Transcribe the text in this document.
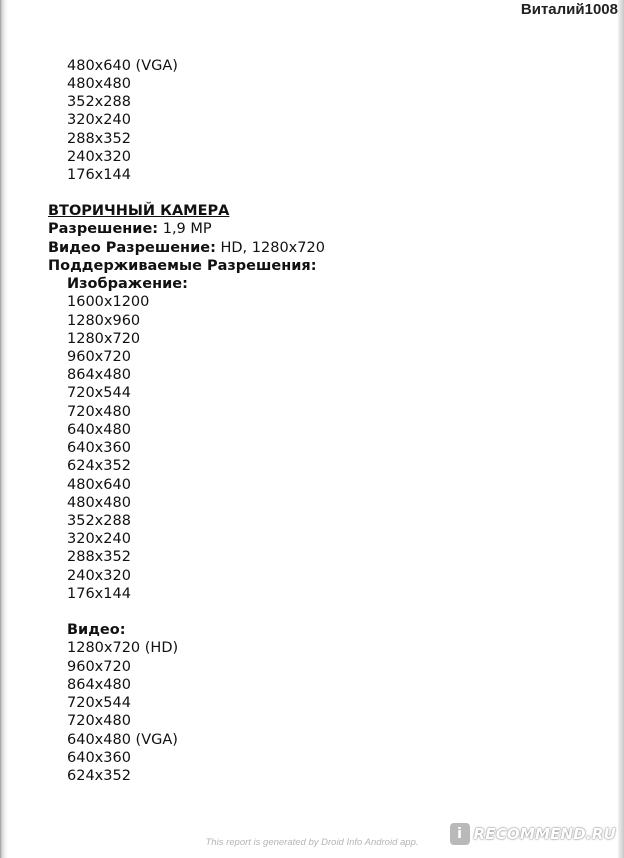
Виталий1008
480x640 (VGA)
480x480
352x288
320x240
288x352
240x320
176x144
ВТОРИЧНЫЙ КАМЕРА
Разрешение: 1,9 MP
Видео Разрешение: HD, 1280x720
Поддерживаемые Разрешения:
Изображение:
1600x1200
1280x960
1280x720
960x720
864x480
720x544
720x480
640x480
640x360
624x352
480x640
480x480
352x288
320x240
288x352
240x320
176x144
Видео:
1280x720 (HD)
960x720
864x480
720x544
720x480
640x480 (VGA)
640x360
624x352
This report is generated by Droid Info Android app.
i RECOMMEND.RU
